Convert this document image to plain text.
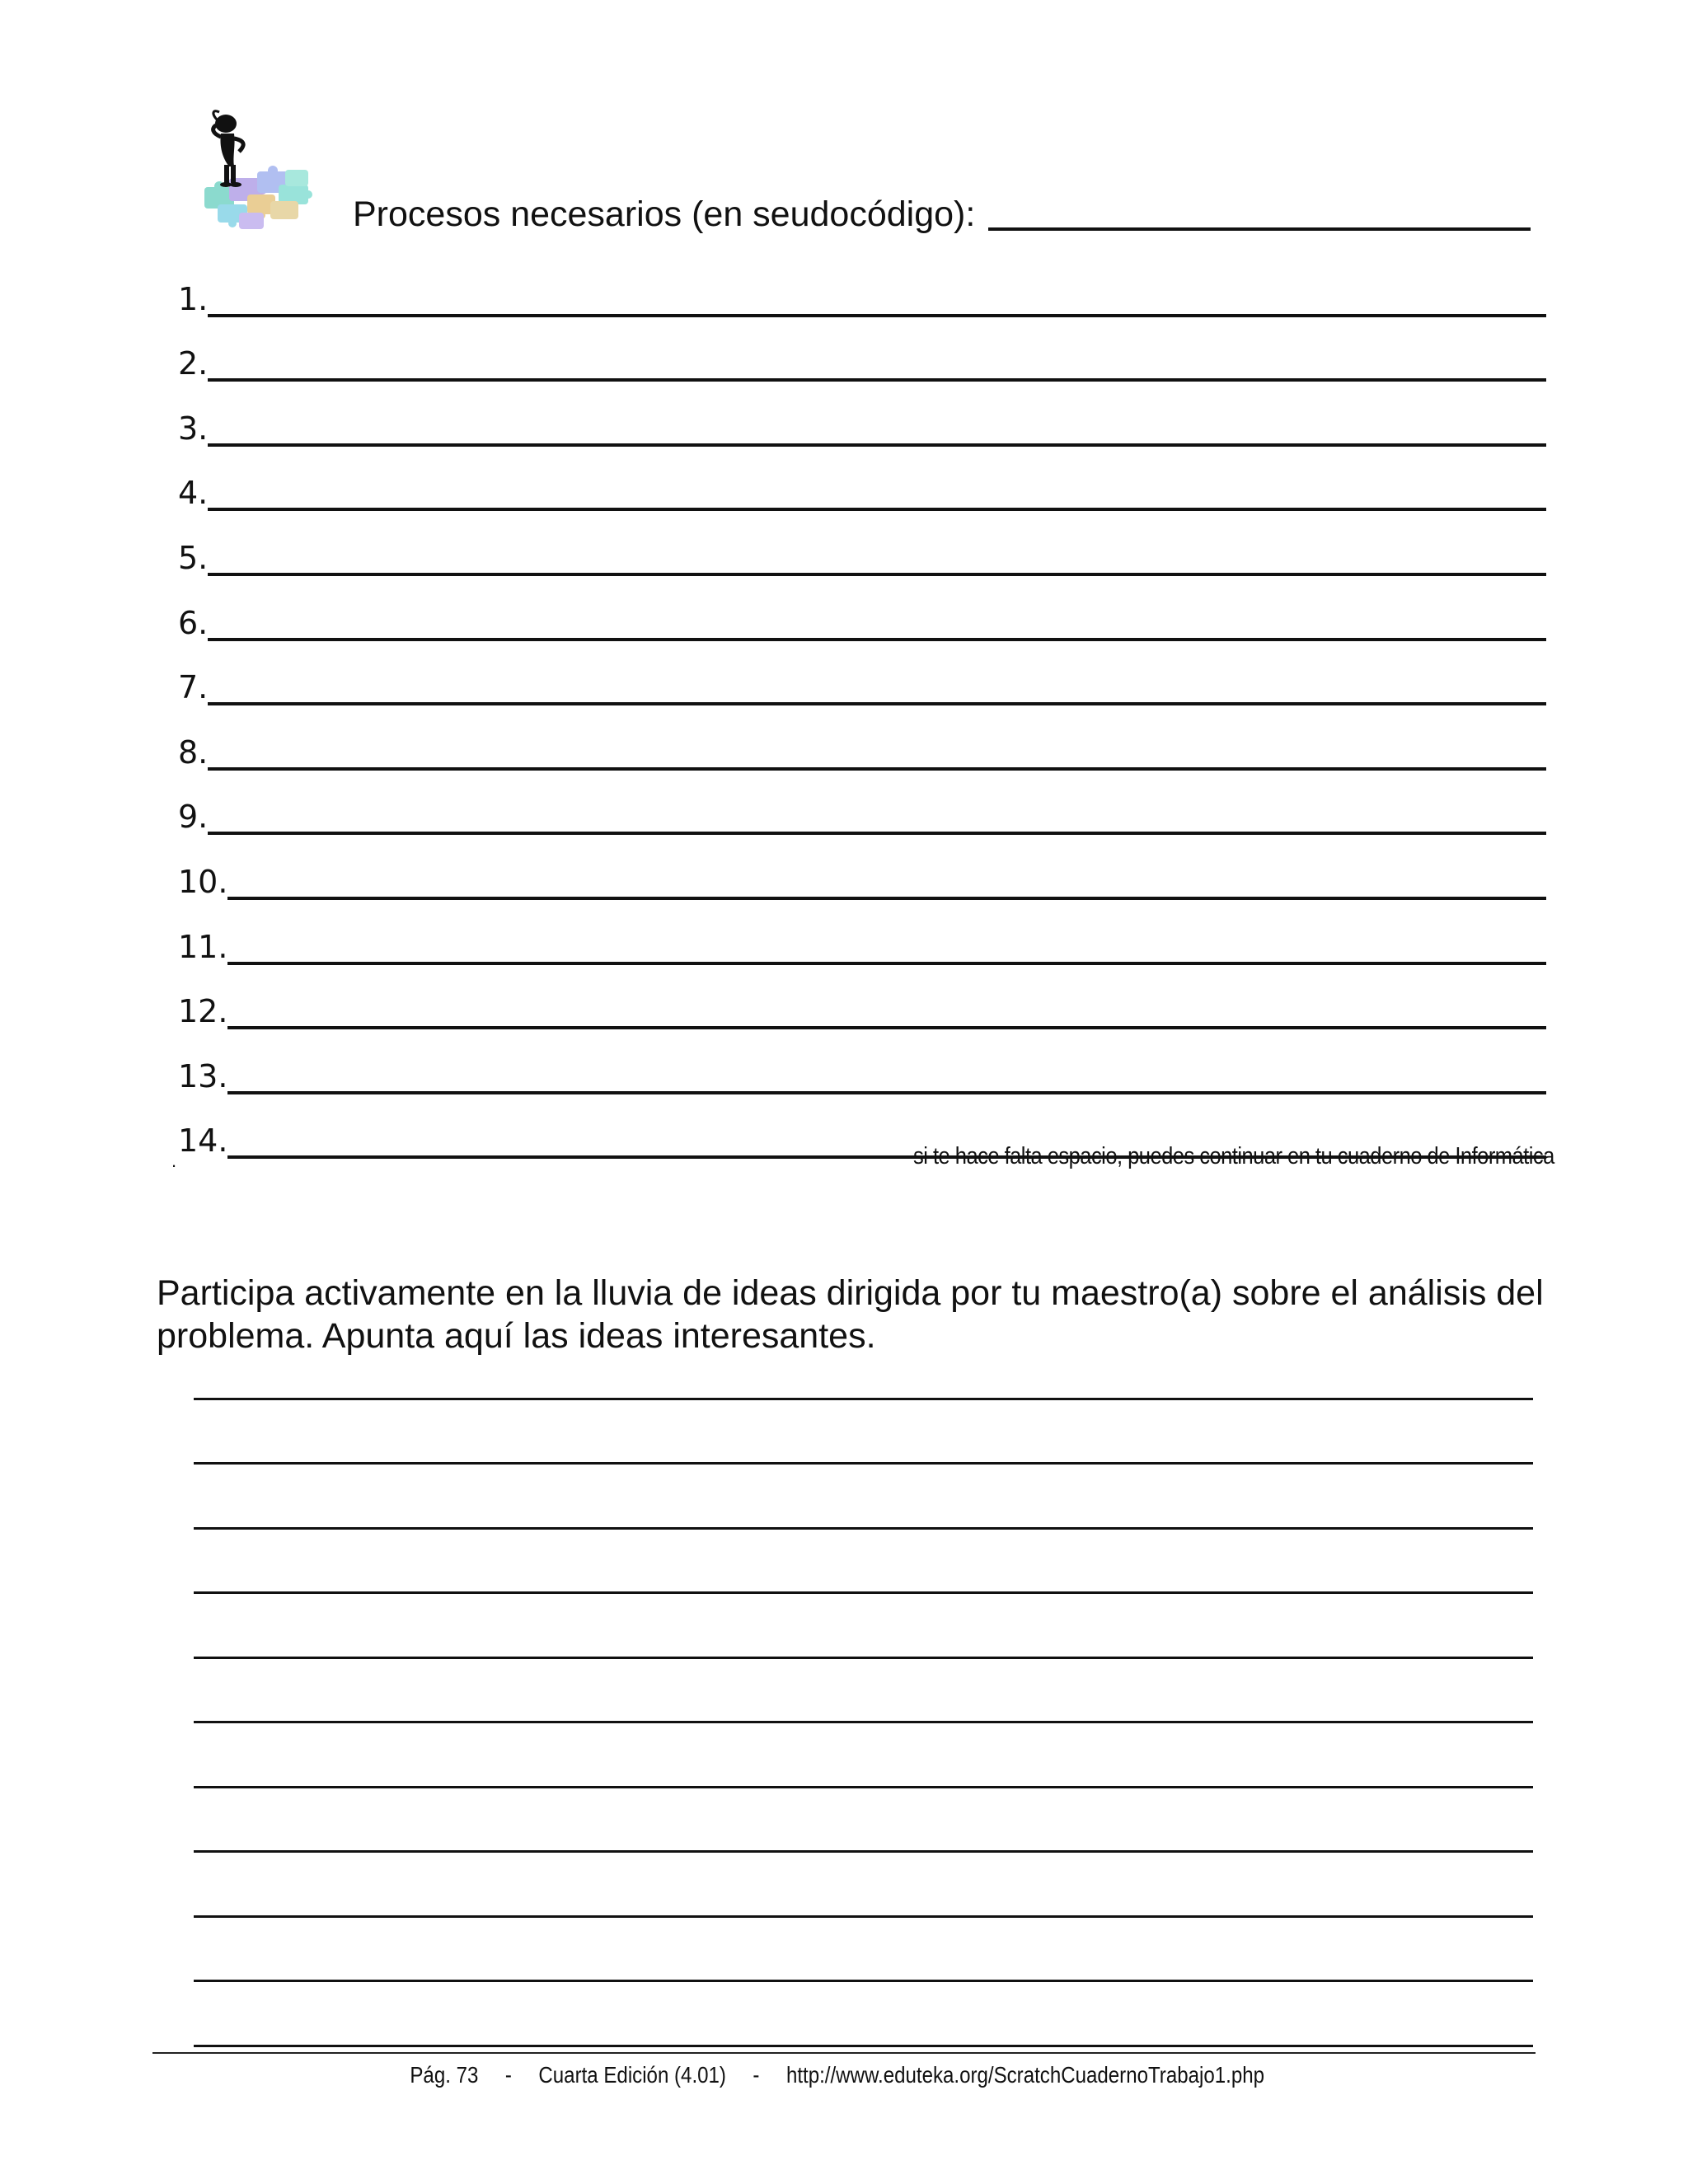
Procesos necesarios (en seudocódigo):
1.
2.
3.
4.
5.
6.
7.
8.
9.
10.
11.
12.
13.
14.
.	si te hace falta espacio, puedes continuar en tu cuaderno de Informática

Participa activamente en la lluvia de ideas dirigida por tu maestro(a) sobre el análisis del problema. Apunta aquí las ideas interesantes.

Pág. 73 - Cuarta Edición (4.01) - http://www.eduteka.org/ScratchCuadernoTrabajo1.php
